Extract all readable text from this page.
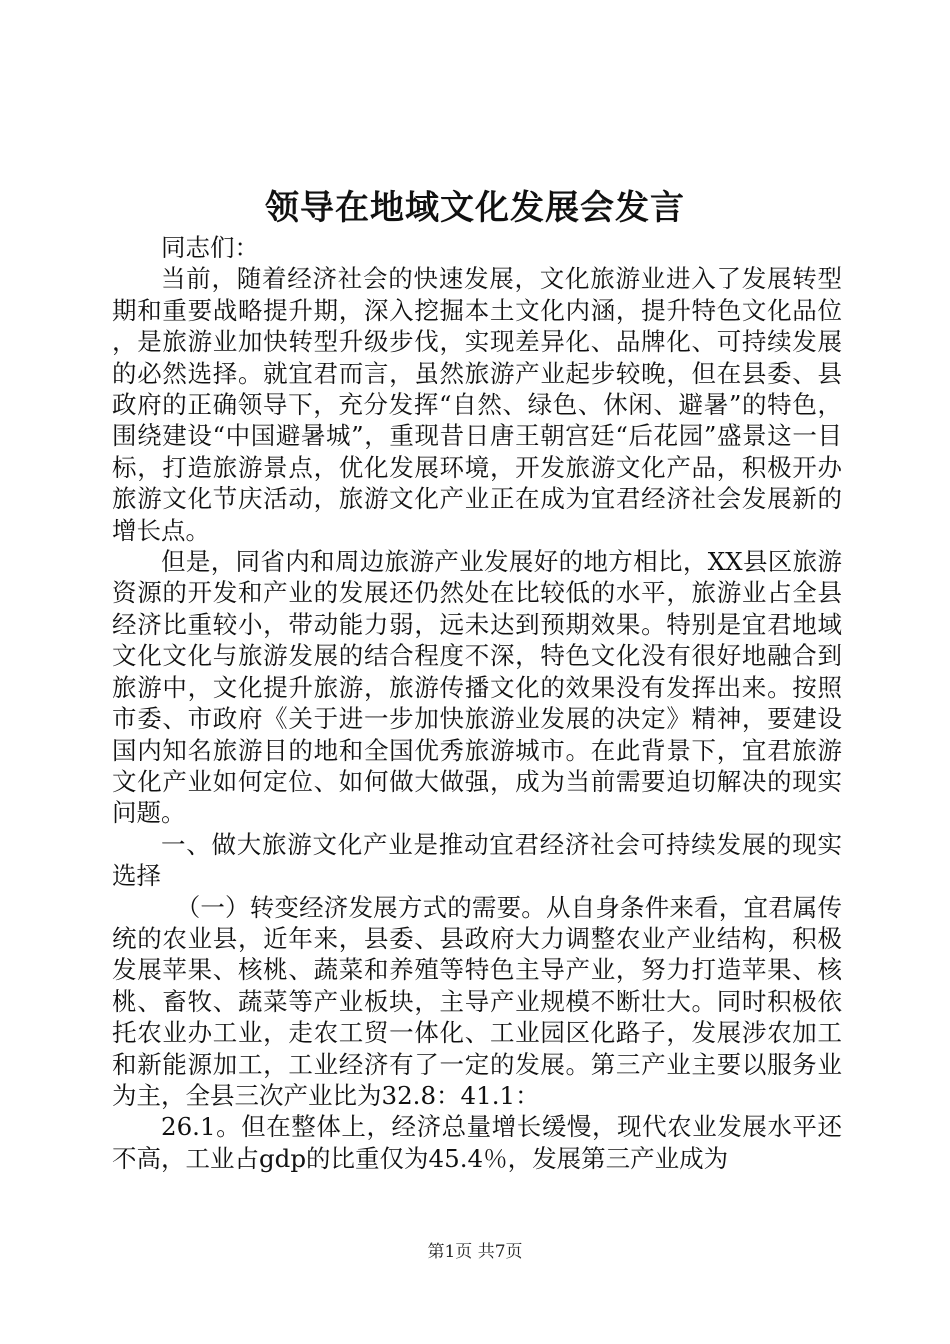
领导在地域文化发展会发言

同志们：

当前，随着经济社会的快速发展，文化旅游业进入了发展转型期和重要战略提升期，深入挖掘本土文化内涵，提升特色文化品位，是旅游业加快转型升级步伐，实现差异化、品牌化、可持续发展的必然选择。就宜君而言，虽然旅游产业起步较晚，但在县委、县政府的正确领导下，充分发挥“自然、绿色、休闲、避暑”的特色，围绕建设“中国避暑城”，重现昔日唐王朝宫廷“后花园”盛景这一目标，打造旅游景点，优化发展环境，开发旅游文化产品，积极开办旅游文化节庆活动，旅游文化产业正在成为宜君经济社会发展新的增长点。

但是，同省内和周边旅游产业发展好的地方相比，XX县区旅游资源的开发和产业的发展还仍然处在比较低的水平，旅游业占全县经济比重较小，带动能力弱，远未达到预期效果。特别是宜君地域文化文化与旅游发展的结合程度不深，特色文化没有很好地融合到旅游中，文化提升旅游，旅游传播文化的效果没有发挥出来。按照市委、市政府《关于进一步加快旅游业发展的决定》精神，要建设国内知名旅游目的地和全国优秀旅游城市。在此背景下，宜君旅游文化产业如何定位、如何做大做强，成为当前需要迫切解决的现实问题。

一、做大旅游文化产业是推动宜君经济社会可持续发展的现实选择

（一）转变经济发展方式的需要。从自身条件来看，宜君属传统的农业县，近年来，县委、县政府大力调整农业产业结构，积极发展苹果、核桃、蔬菜和养殖等特色主导产业，努力打造苹果、核桃、畜牧、蔬菜等产业板块，主导产业规模不断壮大。同时积极依托农业办工业，走农工贸一体化、工业园区化路子，发展涉农加工和新能源加工，工业经济有了一定的发展。第三产业主要以服务业为主，全县三次产业比为32.8：41.1：

26.1。但在整体上，经济总量增长缓慢，现代农业发展水平还不高，工业占gdp的比重仅为45.4％，发展第三产业成为

第1页 共7页
